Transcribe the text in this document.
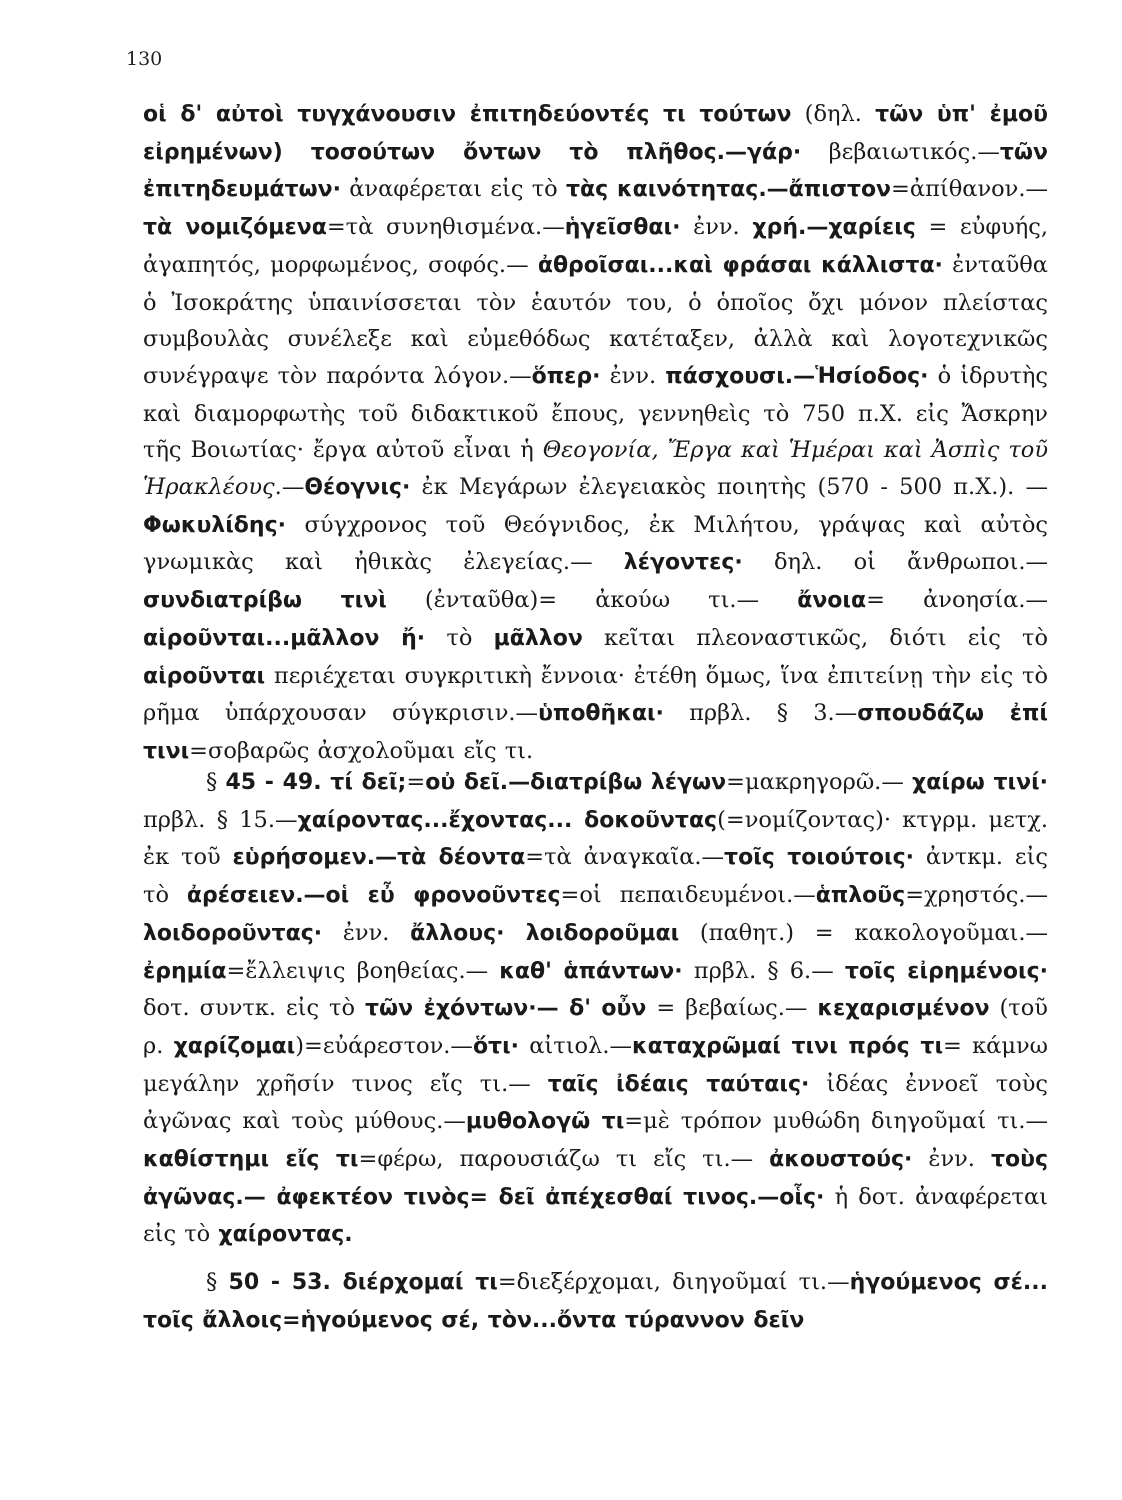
130

οἱ δ' αὐτοὶ τυγχάνουσιν ἐπιτηδεύοντές τι τούτων (δηλ. τῶν ὑπ' ἐμοῦ εἰρημένων) τοσούτων ὄντων τὸ πλῆθος.—γάρ· βεβαιωτικός.—τῶν ἐπιτηδευμάτων· ἀναφέρεται εἰς τὸ τὰς καινότητας.—ἄπιστον=ἀπίθανον.—τὰ νομιζόμενα=τὰ συνηθισμένα.—ἡγεῖσθαι· ἐνν. χρή.—χαρίεις = εὐφυής, ἀγαπητός, μορφωμένος, σοφός.— ἀθροῖσαι...καὶ φράσαι κάλλιστα· ἐνταῦθα ὁ Ἰσοκράτης ὑπαινίσσεται τὸν ἑαυτόν του, ὁ ὁποῖος ὄχι μόνον πλείστας συμβουλὰς συνέλεξε καὶ εὐμεθόδως κατέταξεν, ἀλλὰ καὶ λογοτεχνικῶς συνέγραψε τὸν παρόντα λόγον.—ὅπερ· ἐνν. πάσχουσι.—Ἡσίοδος· ὁ ἱδρυτὴς καὶ διαμορφωτὴς τοῦ διδακτικοῦ ἔπους, γεννηθεὶς τὸ 750 π.Χ. εἰς Ἄσκρην τῆς Βοιωτίας· ἔργα αὐτοῦ εἶναι ἡ Θεογονία, Ἔργα καὶ Ἡμέραι καὶ Ἀσπὶς τοῦ Ἡρακλέους.—Θέογνις· ἐκ Μεγάρων ἐλεγειακὸς ποιητὴς (570 - 500 π.Χ.). —Φωκυλίδης· σύγχρονος τοῦ Θεόγνιδος, ἐκ Μιλήτου, γράψας καὶ αὐτὸς γνωμικὰς καὶ ἠθικὰς ἐλεγείας.— λέγοντες· δηλ. οἱ ἄνθρωποι.— συνδιατρίβω τινὶ (ἐνταῦθα)= ἀκούω τι.— ἄνοια= ἀνοησία.— αἱροῦνται...μᾶλλον ἤ· τὸ μᾶλλον κεῖται πλεοναστικῶς, διότι εἰς τὸ αἱροῦνται περιέχεται συγκριτικὴ ἔννοια· ἐτέθη ὅμως, ἵνα ἐπιτείνῃ τὴν εἰς τὸ ρῆμα ὑπάρχουσαν σύγκρισιν.—ὑποθῆκαι· πρβλ. § 3.—σπουδάζω ἐπί τινι=σοβαρῶς ἀσχολοῦμαι εἴς τι.

§ 45 - 49. τί δεῖ;=οὐ δεῖ.—διατρίβω λέγων=μακρηγορῶ.— χαίρω τινί· πρβλ. § 15.—χαίροντας...ἔχοντας... δοκοῦντας(=νομίζοντας)· κτγρμ. μετχ. ἐκ τοῦ εὑρήσομεν.—τὰ δέοντα=τὰ ἀναγκαῖα.—τοῖς τοιούτοις· ἀντκμ. εἰς τὸ ἀρέσειεν.—οἱ εὖ φρονοῦντες=οἱ πεπαιδευμένοι.—ἁπλοῦς=χρηστός.—λοιδοροῦντας· ἐνν. ἄλλους· λοιδοροῦμαι (παθητ.) = κακολογοῦμαι.—ἐρημία=ἔλλειψις βοηθείας.— καθ' ἁπάντων· πρβλ. § 6.— τοῖς εἰρημένοις· δοτ. συντκ. εἰς τὸ τῶν ἐχόντων·— δ' οὖν = βεβαίως.— κεχαρισμένον (τοῦ ρ. χαρίζομαι)=εὐάρεστον.—ὅτι· αἰτιολ.—καταχρῶμαί τινι πρός τι= κάμνω μεγάλην χρῆσίν τινος εἴς τι.— ταῖς ἰδέαις ταύταις· ἰδέας ἐννοεῖ τοὺς ἀγῶνας καὶ τοὺς μύθους.—μυθολογῶ τι=μὲ τρόπον μυθώδη διηγοῦμαί τι.—καθίστημι εἴς τι=φέρω, παρουσιάζω τι εἴς τι.— ἀκουστούς· ἐνν. τοὺς ἀγῶνας.— ἀφεκτέον τινὸς= δεῖ ἀπέχεσθαί τινος.—οἷς· ἡ δοτ. ἀναφέρεται εἰς τὸ χαίροντας.

§ 50 - 53. διέρχομαί τι=διεξέρχομαι, διηγοῦμαί τι.—ἡγούμενος σέ... τοῖς ἄλλοις=ἡγούμενος σέ, τὸν...ὄντα τύραννον δεῖν
